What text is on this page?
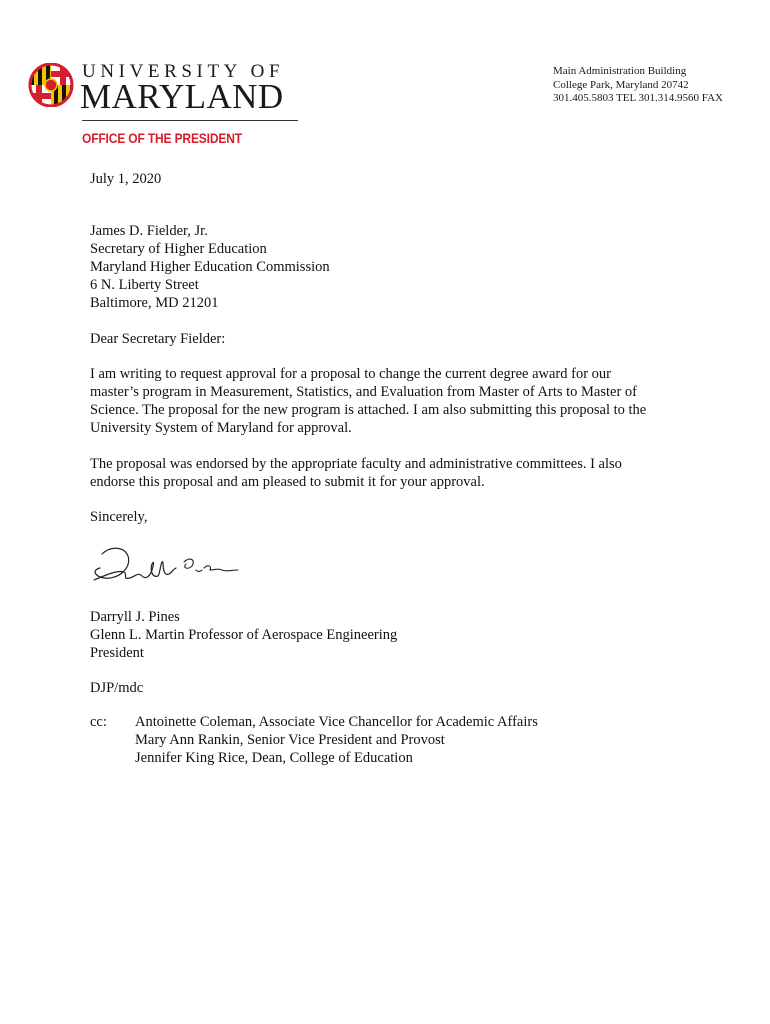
UNIVERSITY OF
MARYLAND
OFFICE OF THE PRESIDENT
Main Administration Building
College Park, Maryland 20742
301.405.5803 TEL 301.314.9560 FAX
July 1, 2020
James D. Fielder, Jr.
Secretary of Higher Education
Maryland Higher Education Commission
6 N. Liberty Street
Baltimore, MD 21201
Dear Secretary Fielder:
I am writing to request approval for a proposal to change the current degree award for our
master’s program in Measurement, Statistics, and Evaluation from Master of Arts to Master of
Science. The proposal for the new program is attached. I am also submitting this proposal to the
University System of Maryland for approval.
The proposal was endorsed by the appropriate faculty and administrative committees. I also
endorse this proposal and am pleased to submit it for your approval.
Sincerely,
Darryll J. Pines
Glenn L. Martin Professor of Aerospace Engineering
President
DJP/mdc
cc: Antoinette Coleman, Associate Vice Chancellor for Academic Affairs
Mary Ann Rankin, Senior Vice President and Provost
Jennifer King Rice, Dean, College of Education
